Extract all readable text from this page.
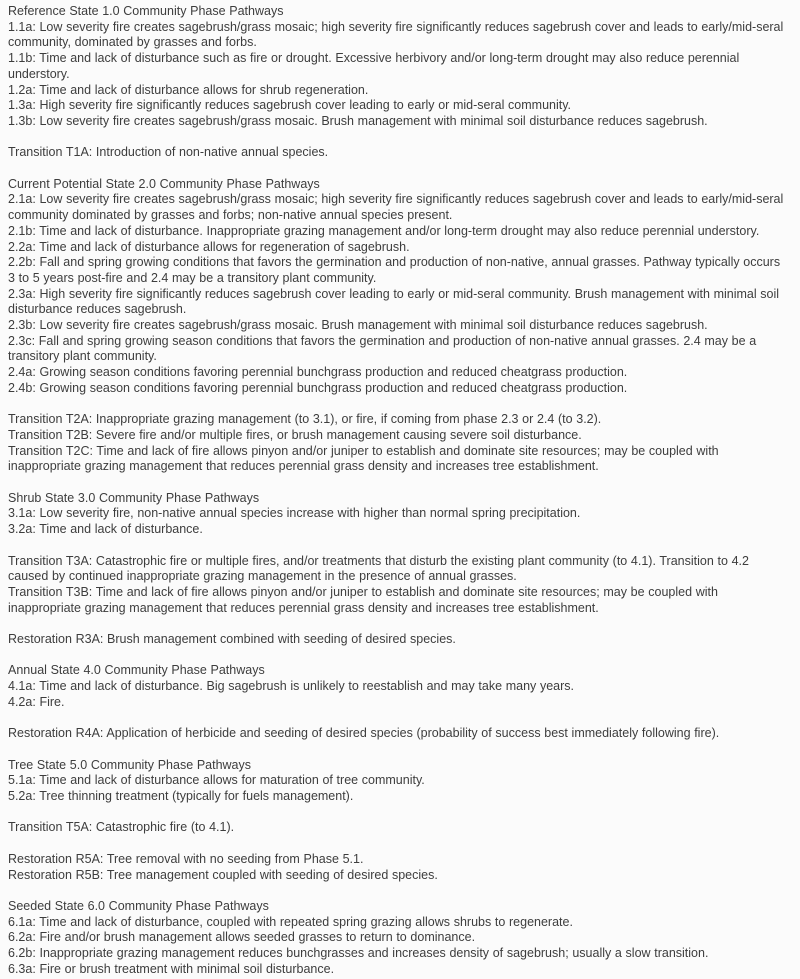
Reference State 1.0 Community Phase Pathways

1.1a: Low severity fire creates sagebrush/grass mosaic; high severity fire significantly reduces sagebrush cover and leads to early/mid-seral community, dominated by grasses and forbs.

1.1b: Time and lack of disturbance such as fire or drought. Excessive herbivory and/or long-term drought may also reduce perennial understory.

1.2a: Time and lack of disturbance allows for shrub regeneration.

1.3a: High severity fire significantly reduces sagebrush cover leading to early or mid-seral community.

1.3b: Low severity fire creates sagebrush/grass mosaic. Brush management with minimal soil disturbance reduces sagebrush.

Transition T1A: Introduction of non-native annual species.

Current Potential State 2.0 Community Phase Pathways

2.1a: Low severity fire creates sagebrush/grass mosaic; high severity fire significantly reduces sagebrush cover and leads to early/mid-seral community dominated by grasses and forbs; non-native annual species present.

2.1b: Time and lack of disturbance. Inappropriate grazing management and/or long-term drought may also reduce perennial understory.

2.2a: Time and lack of disturbance allows for regeneration of sagebrush.

2.2b: Fall and spring growing conditions that favors the germination and production of non-native, annual grasses. Pathway typically occurs 3 to 5 years post-fire and 2.4 may be a transitory plant community.

2.3a: High severity fire significantly reduces sagebrush cover leading to early or mid-seral community. Brush management with minimal soil disturbance reduces sagebrush.

2.3b: Low severity fire creates sagebrush/grass mosaic. Brush management with minimal soil disturbance reduces sagebrush.

2.3c: Fall and spring growing season conditions that favors the germination and production of non-native annual grasses. 2.4 may be a transitory plant community.

2.4a: Growing season conditions favoring perennial bunchgrass production and reduced cheatgrass production.

2.4b: Growing season conditions favoring perennial bunchgrass production and reduced cheatgrass production.

Transition T2A: Inappropriate grazing management (to 3.1), or fire, if coming from phase 2.3 or 2.4 (to 3.2).

Transition T2B: Severe fire and/or multiple fires, or brush management causing severe soil disturbance.

Transition T2C: Time and lack of fire allows pinyon and/or juniper to establish and dominate site resources; may be coupled with inappropriate grazing management that reduces perennial grass density and increases tree establishment.

Shrub State 3.0 Community Phase Pathways

3.1a: Low severity fire, non-native annual species increase with higher than normal spring precipitation.

3.2a: Time and lack of disturbance.

Transition T3A: Catastrophic fire or multiple fires, and/or treatments that disturb the existing plant community (to 4.1). Transition to 4.2 caused by continued inappropriate grazing management in the presence of annual grasses.

Transition T3B: Time and lack of fire allows pinyon and/or juniper to establish and dominate site resources; may be coupled with inappropriate grazing management that reduces perennial grass density and increases tree establishment.

Restoration R3A: Brush management combined with seeding of desired species.

Annual State 4.0 Community Phase Pathways

4.1a: Time and lack of disturbance. Big sagebrush is unlikely to reestablish and may take many years.

4.2a: Fire.

Restoration R4A: Application of herbicide and seeding of desired species (probability of success best immediately following fire).

Tree State 5.0 Community Phase Pathways

5.1a: Time and lack of disturbance allows for maturation of tree community.

5.2a: Tree thinning treatment (typically for fuels management).

Transition T5A: Catastrophic fire (to 4.1).

Restoration R5A: Tree removal with no seeding from Phase 5.1.

Restoration R5B: Tree management coupled with seeding of desired species.

Seeded State 6.0 Community Phase Pathways

6.1a: Time and lack of disturbance, coupled with repeated spring grazing allows shrubs to regenerate.

6.2a: Fire and/or brush management allows seeded grasses to return to dominance.

6.2b: Inappropriate grazing management reduces bunchgrasses and increases density of sagebrush; usually a slow transition.

6.3a: Fire or brush treatment with minimal soil disturbance.
